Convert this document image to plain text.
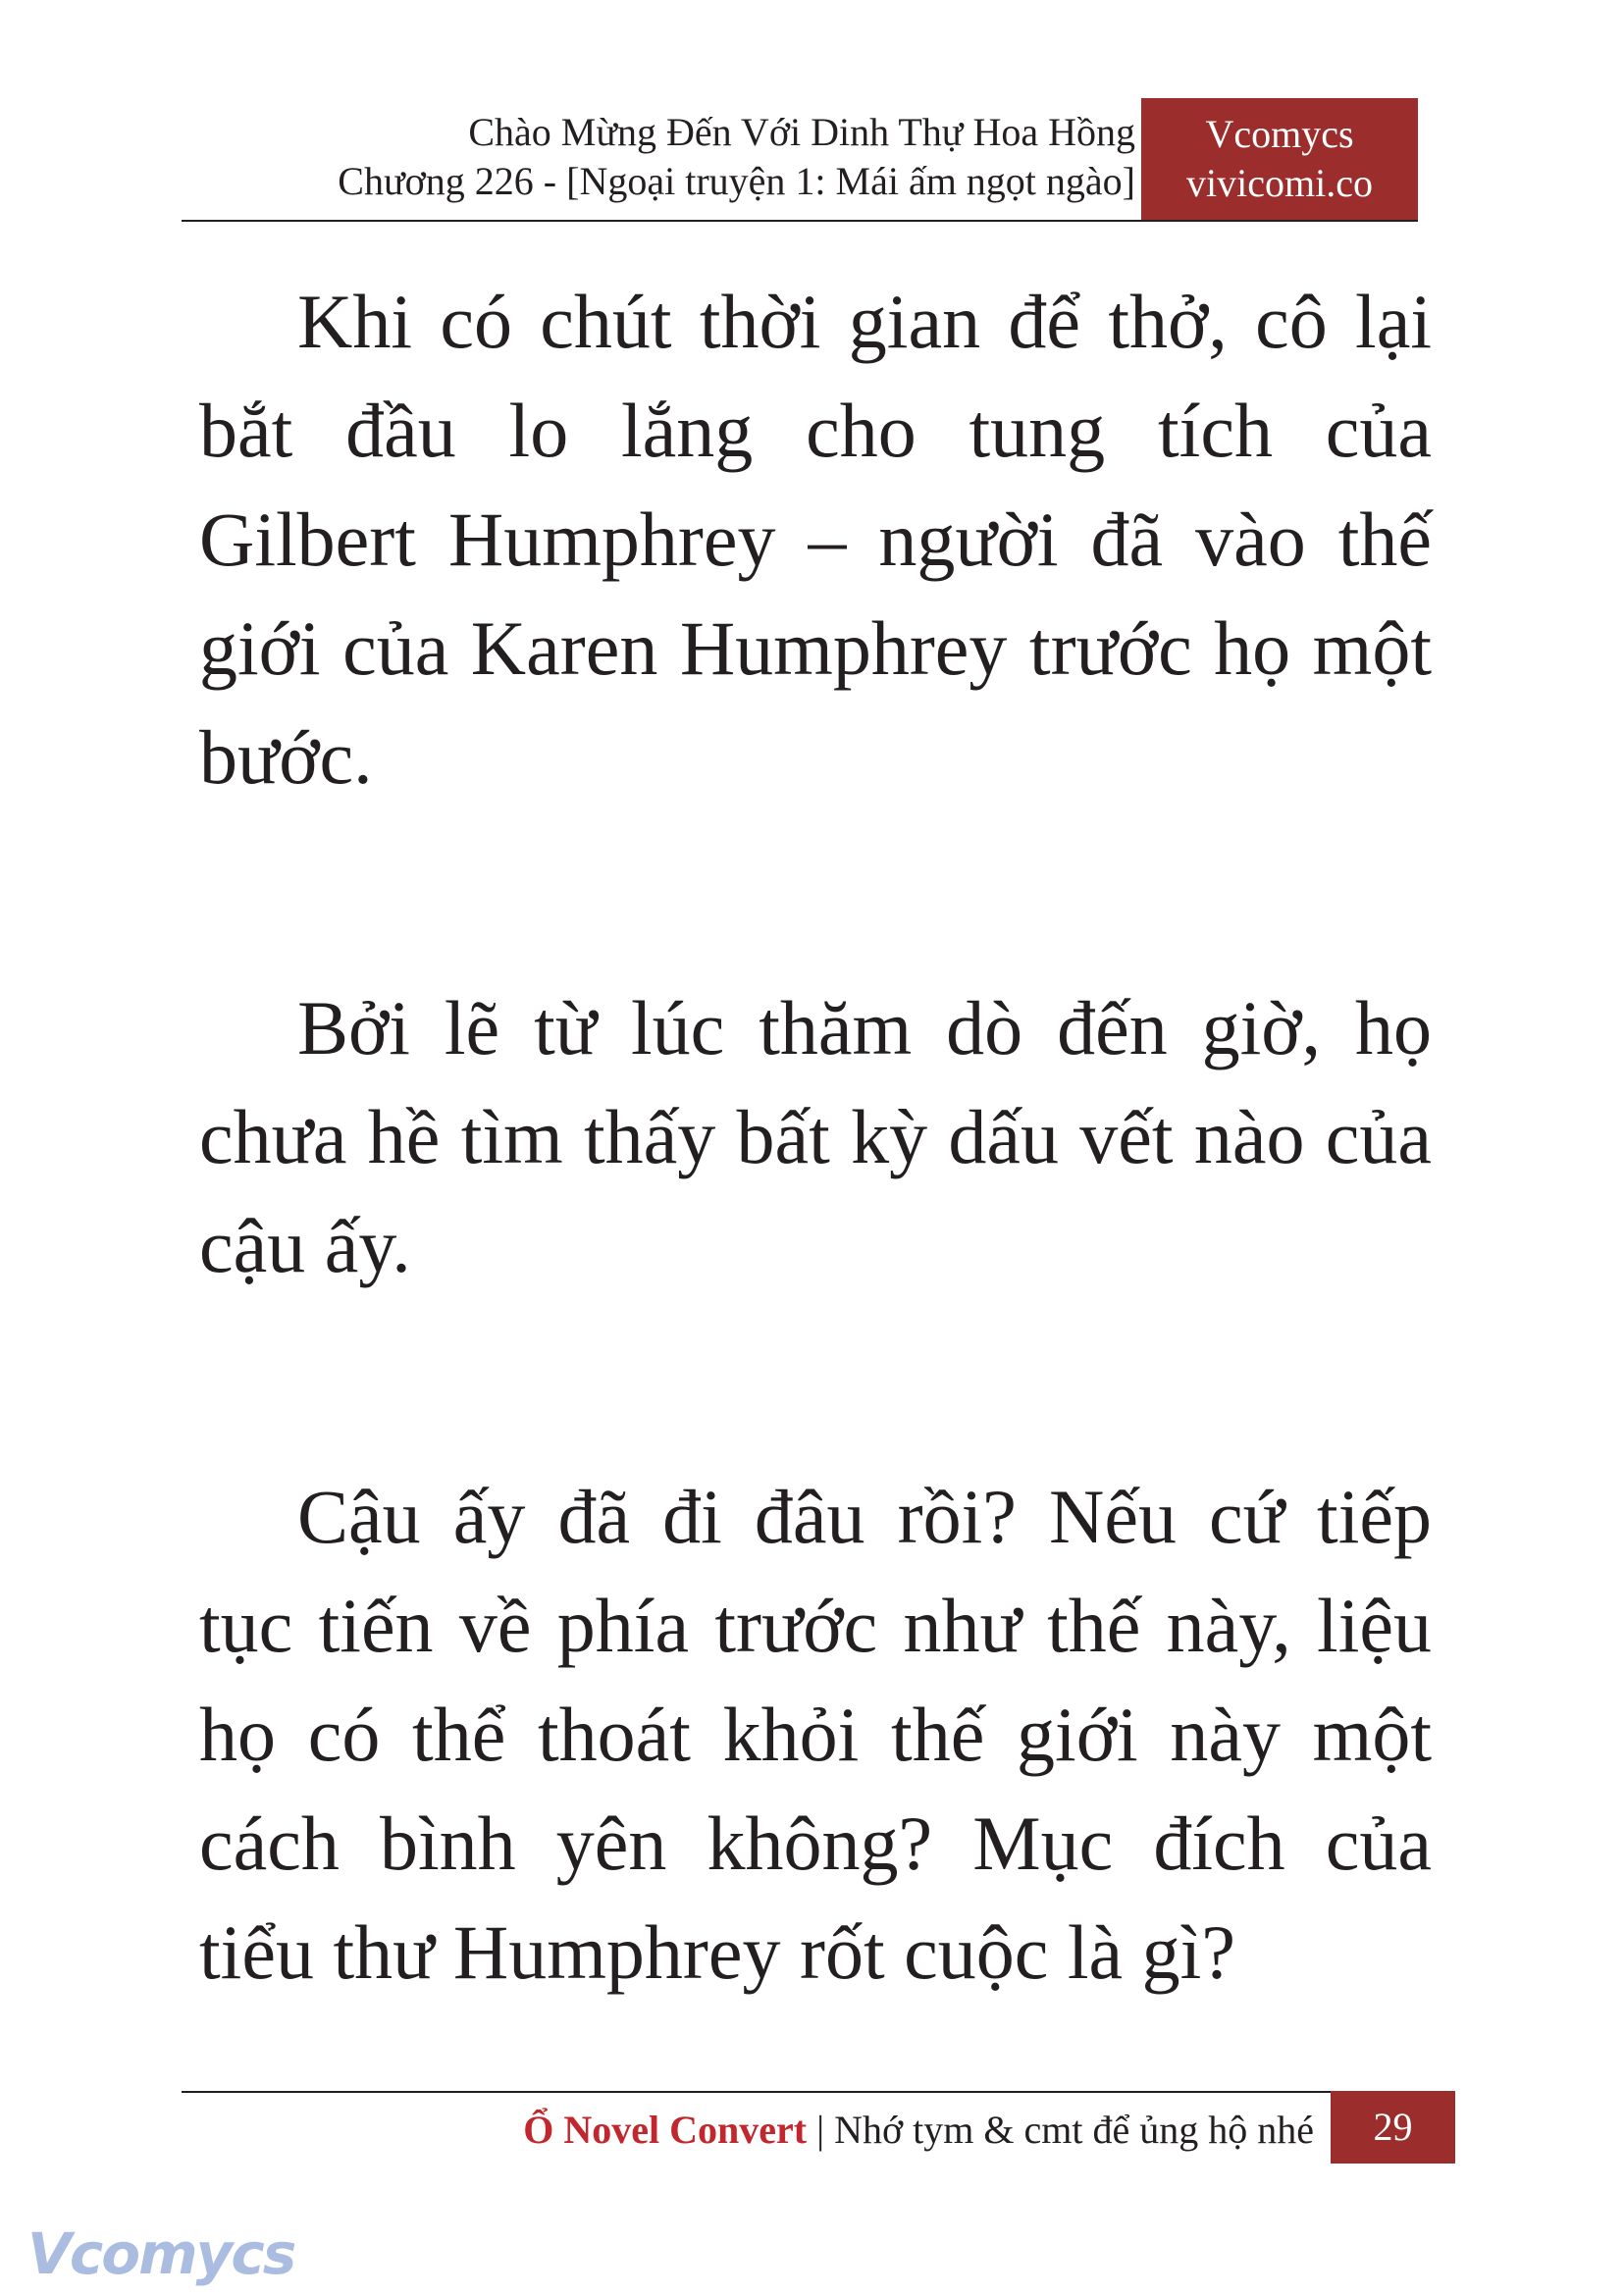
Chào Mừng Đến Với Dinh Thự Hoa Hồng
Chương 226 - [Ngoại truyện 1: Mái ấm ngọt ngào]
Vcomycs
vivicomi.co

Khi có chút thời gian để thở, cô lại bắt đầu lo lắng cho tung tích của Gilbert Humphrey – người đã vào thế giới của Karen Humphrey trước họ một bước.

Bởi lẽ từ lúc thăm dò đến giờ, họ chưa hề tìm thấy bất kỳ dấu vết nào của cậu ấy.

Cậu ấy đã đi đâu rồi? Nếu cứ tiếp tục tiến về phía trước như thế này, liệu họ có thể thoát khỏi thế giới này một cách bình yên không? Mục đích của tiểu thư Humphrey rốt cuộc là gì?

Ổ Novel Convert | Nhớ tym & cmt để ủng hộ nhé	29
Vcomycs
